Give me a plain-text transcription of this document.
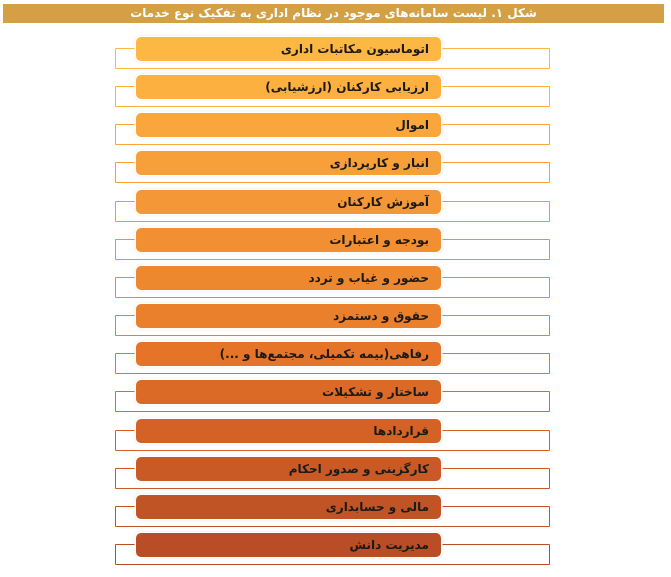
شکل ۱. لیست سامانه‌های موجود در نظام اداری به تفکیک نوع خدمات
اتوماسیون مکاتبات اداری
ارزیابی کارکنان (ارزشیابی)
اموال
انبار و کارپردازی
آموزش کارکنان
بودجه و اعتبارات
حضور و غیاب و تردد
حقوق و دستمزد
رفاهی(بیمه تکمیلی، مجتمع‌ها و ...)
ساختار و تشکیلات
قراردادها
کارگزینی و صدور احکام
مالی و حسابداری
مدیریت دانش
